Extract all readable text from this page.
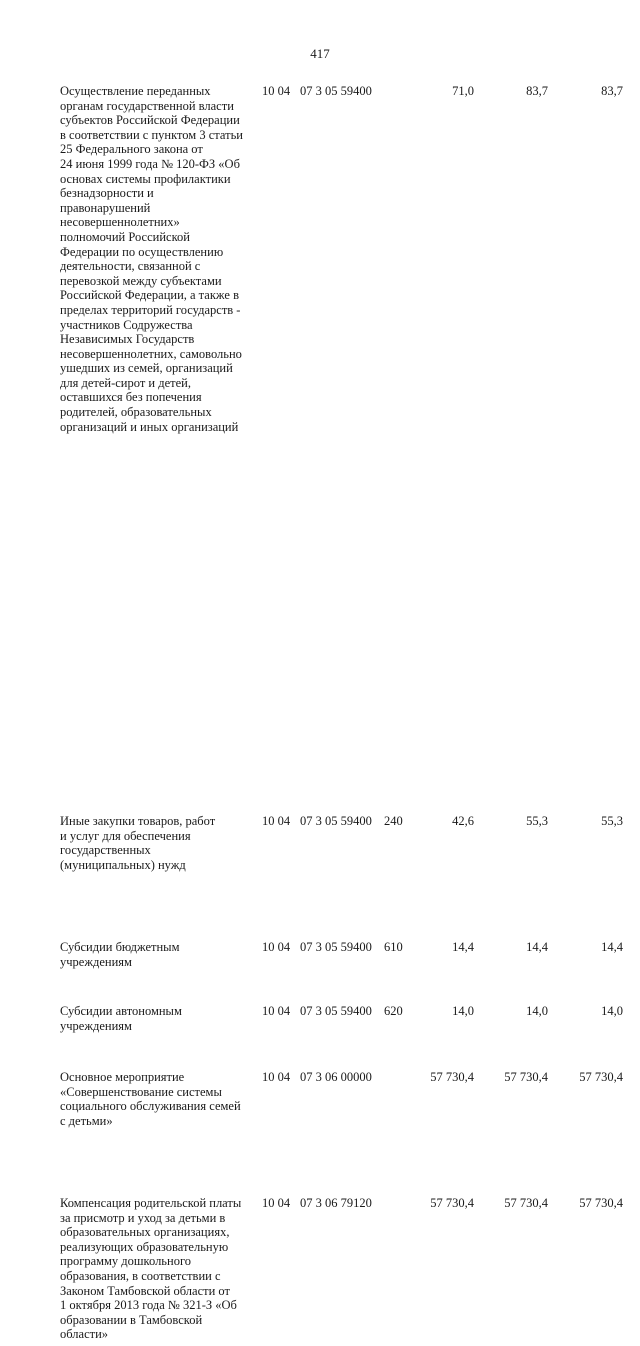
417
Осуществление переданных
органам государственной власти
субъектов Российской Федерации
в соответствии с пунктом 3 статьи
25 Федерального закона от
24 июня 1999 года № 120-ФЗ «Об
основах системы профилактики
безнадзорности и
правонарушений
несовершеннолетних»
полномочий Российской
Федерации по осуществлению
деятельности, связанной с
перевозкой между субъектами
Российской Федерации, а также в
пределах территорий государств -
участников Содружества
Независимых Государств
несовершеннолетних, самовольно
ушедших из семей, организаций
для детей-сирот и детей,
оставшихся без попечения
родителей, образовательных
организаций и иных организаций
10 04 07 3 05 59400	71,0	83,7	83,7
Иные закупки товаров, работ
и услуг для обеспечения
государственных
(муниципальных) нужд
10 04 07 3 05 59400 240	42,6	55,3	55,3
Субсидии бюджетным
учреждениям
10 04 07 3 05 59400 610	14,4	14,4	14,4
Субсидии автономным
учреждениям
10 04 07 3 05 59400 620	14,0	14,0	14,0
Основное мероприятие
«Совершенствование системы
социального обслуживания семей
с детьми»
10 04 07 3 06 00000	57 730,4	57 730,4	57 730,4
Компенсация родительской платы
за присмотр и уход за детьми в
образовательных организациях,
реализующих образовательную
программу дошкольного
образования, в соответствии с
Законом Тамбовской области от
1 октября 2013 года № 321-З «Об
образовании в Тамбовской
области»
10 04 07 3 06 79120	57 730,4	57 730,4	57 730,4
